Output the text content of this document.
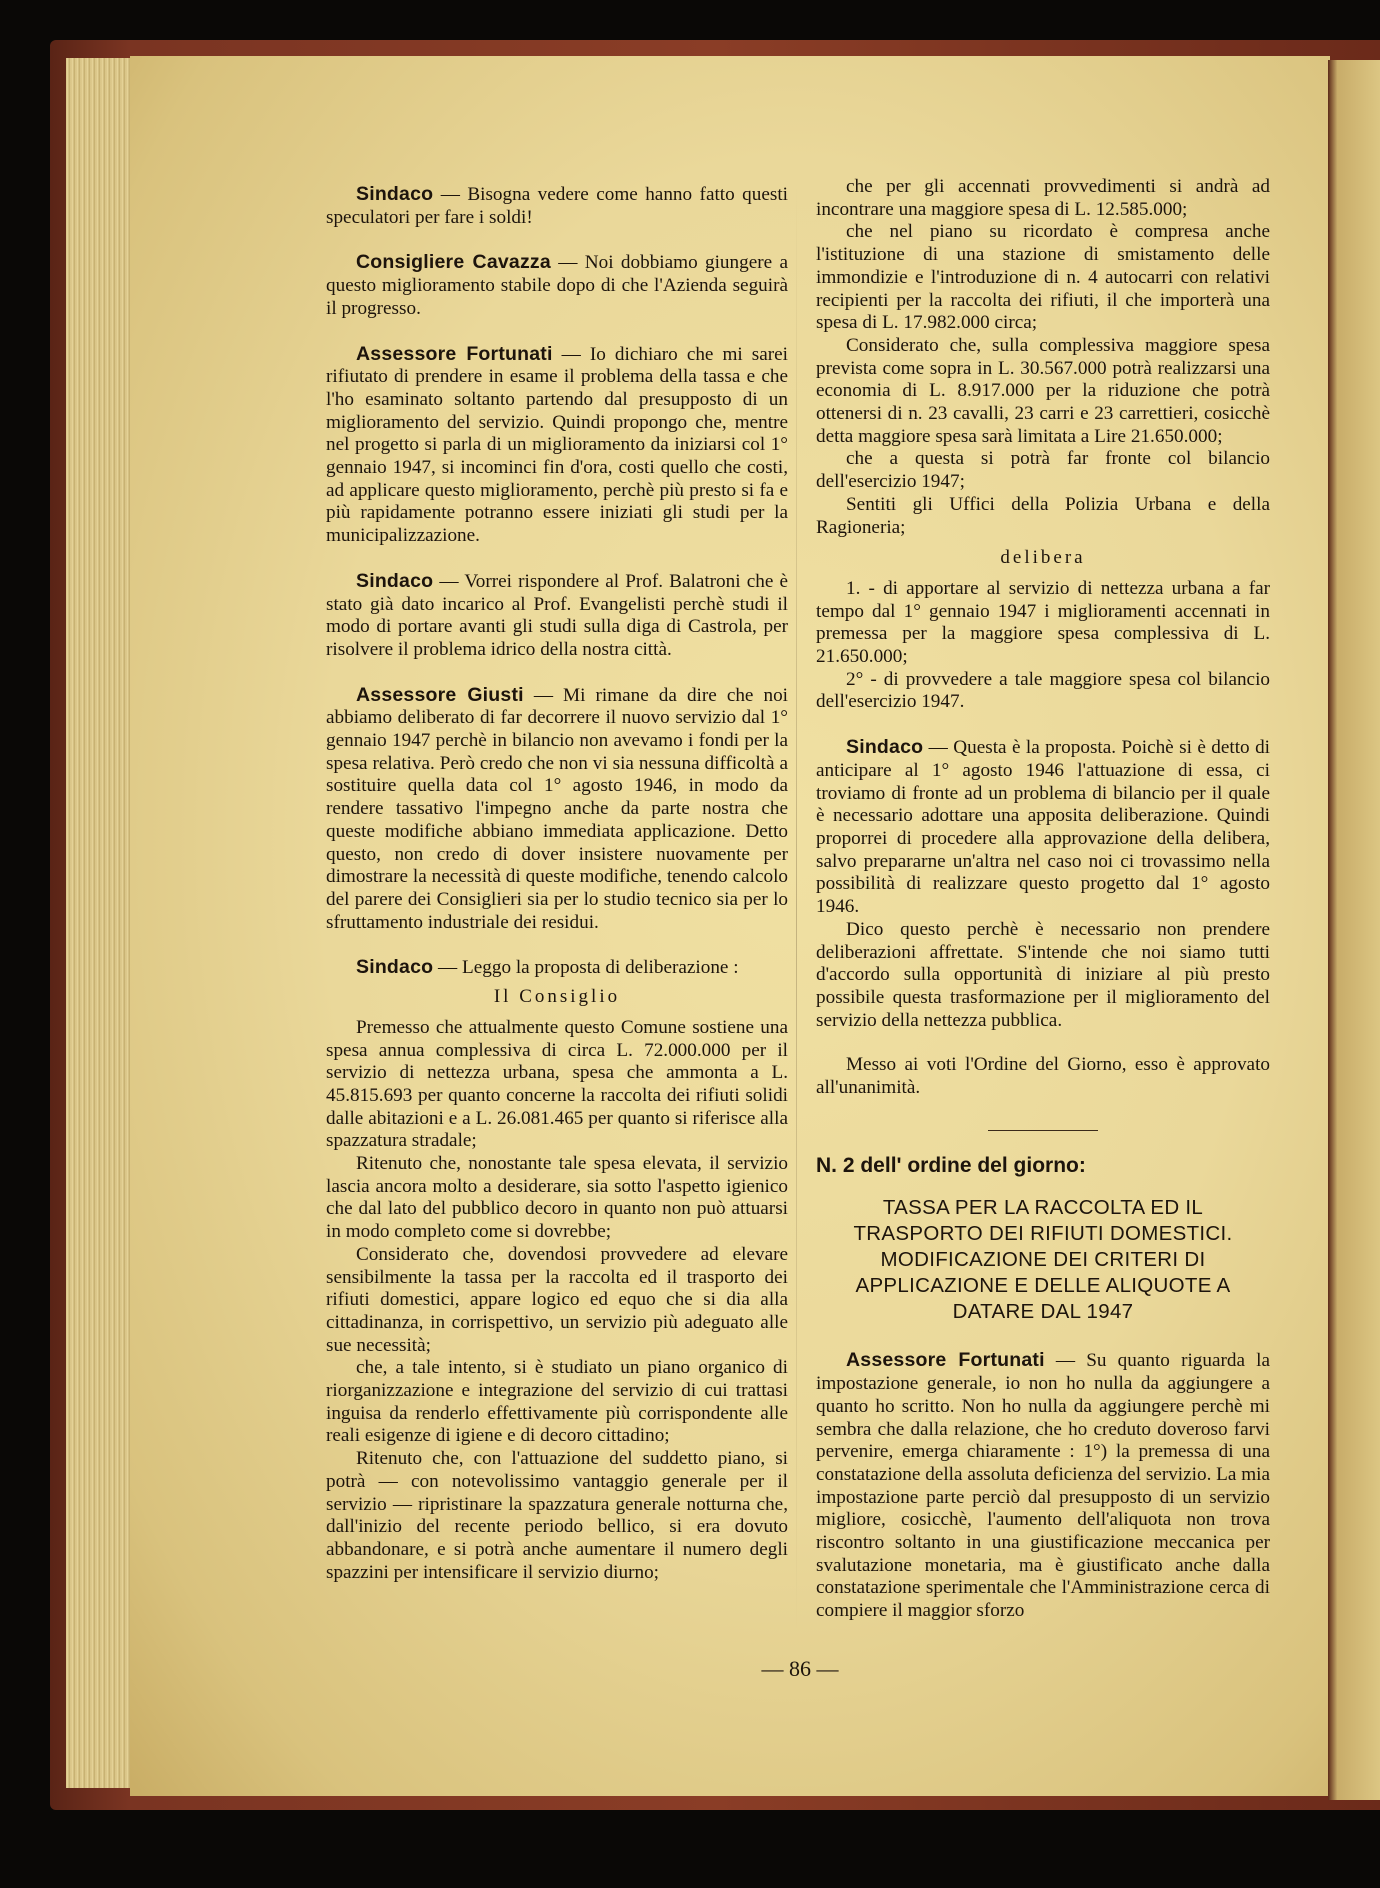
Sindaco — Bisogna vedere come hanno fatto questi speculatori per fare i soldi!

Consigliere Cavazza — Noi dobbiamo giungere a questo miglioramento stabile dopo di che l'Azienda seguirà il progresso.

Assessore Fortunati — Io dichiaro che mi sarei rifiutato di prendere in esame il problema della tassa e che l'ho esaminato soltanto partendo dal presupposto di un miglioramento del servizio. Quindi propongo che, mentre nel progetto si parla di un miglioramento da iniziarsi col 1° gennaio 1947, si incominci fin d'ora, costi quello che costi, ad applicare questo miglioramento, perchè più presto si fa e più rapidamente potranno essere iniziati gli studi per la municipalizzazione.

Sindaco — Vorrei rispondere al Prof. Balatroni che è stato già dato incarico al Prof. Evangelisti perchè studi il modo di portare avanti gli studi sulla diga di Castrola, per risolvere il problema idrico della nostra città.

Assessore Giusti — Mi rimane da dire che noi abbiamo deliberato di far decorrere il nuovo servizio dal 1° gennaio 1947 perchè in bilancio non avevamo i fondi per la spesa relativa. Però credo che non vi sia nessuna difficoltà a sostituire quella data col 1° agosto 1946, in modo da rendere tassativo l'impegno anche da parte nostra che queste modifiche abbiano immediata applicazione. Detto questo, non credo di dover insistere nuovamente per dimostrare la necessità di queste modifiche, tenendo calcolo del parere dei Consiglieri sia per lo studio tecnico sia per lo sfruttamento industriale dei residui.

Sindaco — Leggo la proposta di deliberazione :

Il Consiglio

Premesso che attualmente questo Comune sostiene una spesa annua complessiva di circa L. 72.000.000 per il servizio di nettezza urbana, spesa che ammonta a L. 45.815.693 per quanto concerne la raccolta dei rifiuti solidi dalle abitazioni e a L. 26.081.465 per quanto si riferisce alla spazzatura stradale;

Ritenuto che, nonostante tale spesa elevata, il servizio lascia ancora molto a desiderare, sia sotto l'aspetto igienico che dal lato del pubblico decoro in quanto non può attuarsi in modo completo come si dovrebbe;

Considerato che, dovendosi provvedere ad elevare sensibilmente la tassa per la raccolta ed il trasporto dei rifiuti domestici, appare logico ed equo che si dia alla cittadinanza, in corrispettivo, un servizio più adeguato alle sue necessità;

che, a tale intento, si è studiato un piano organico di riorganizzazione e integrazione del servizio di cui trattasi inguisa da renderlo effettivamente più corrispondente alle reali esigenze di igiene e di decoro cittadino;

Ritenuto che, con l'attuazione del suddetto piano, si potrà — con notevolissimo vantaggio generale per il servizio — ripristinare la spazzatura generale notturna che, dall'inizio del recente periodo bellico, si era dovuto abbandonare, e si potrà anche aumentare il numero degli spazzini per intensificare il servizio diurno;

che per gli accennati provvedimenti si andrà ad incontrare una maggiore spesa di L. 12.585.000;

che nel piano su ricordato è compresa anche l'istituzione di una stazione di smistamento delle immondizie e l'introduzione di n. 4 autocarri con relativi recipienti per la raccolta dei rifiuti, il che importerà una spesa di L. 17.982.000 circa;

Considerato che, sulla complessiva maggiore spesa prevista come sopra in L. 30.567.000 potrà realizzarsi una economia di L. 8.917.000 per la riduzione che potrà ottenersi di n. 23 cavalli, 23 carri e 23 carrettieri, cosicchè detta maggiore spesa sarà limitata a Lire 21.650.000;

che a questa si potrà far fronte col bilancio dell'esercizio 1947;

Sentiti gli Uffici della Polizia Urbana e della Ragioneria;

delibera

1. - di apportare al servizio di nettezza urbana a far tempo dal 1° gennaio 1947 i miglioramenti accennati in premessa per la maggiore spesa complessiva di L. 21.650.000;

2° - di provvedere a tale maggiore spesa col bilancio dell'esercizio 1947.

Sindaco — Questa è la proposta. Poichè si è detto di anticipare al 1° agosto 1946 l'attuazione di essa, ci troviamo di fronte ad un problema di bilancio per il quale è necessario adottare una apposita deliberazione. Quindi proporrei di procedere alla approvazione della delibera, salvo prepararne un'altra nel caso noi ci trovassimo nella possibilità di realizzare questo progetto dal 1° agosto 1946.

Dico questo perchè è necessario non prendere deliberazioni affrettate. S'intende che noi siamo tutti d'accordo sulla opportunità di iniziare al più presto possibile questa trasformazione per il miglioramento del servizio della nettezza pubblica.

Messo ai voti l'Ordine del Giorno, esso è approvato all'unanimità.

N. 2 dell' ordine del giorno:

TASSA PER LA RACCOLTA ED IL TRASPORTO DEI RIFIUTI DOMESTICI. MODIFICAZIONE DEI CRITERI DI APPLICAZIONE E DELLE ALIQUOTE A DATARE DAL 1947

Assessore Fortunati — Su quanto riguarda la impostazione generale, io non ho nulla da aggiungere a quanto ho scritto. Non ho nulla da aggiungere perchè mi sembra che dalla relazione, che ho creduto doveroso farvi pervenire, emerga chiaramente : 1°) la premessa di una constatazione della assoluta deficienza del servizio. La mia impostazione parte perciò dal presupposto di un servizio migliore, cosicchè, l'aumento dell'aliquota non trova riscontro soltanto in una giustificazione meccanica per svalutazione monetaria, ma è giustificato anche dalla constatazione sperimentale che l'Amministrazione cerca di compiere il maggior sforzo

— 86 —
